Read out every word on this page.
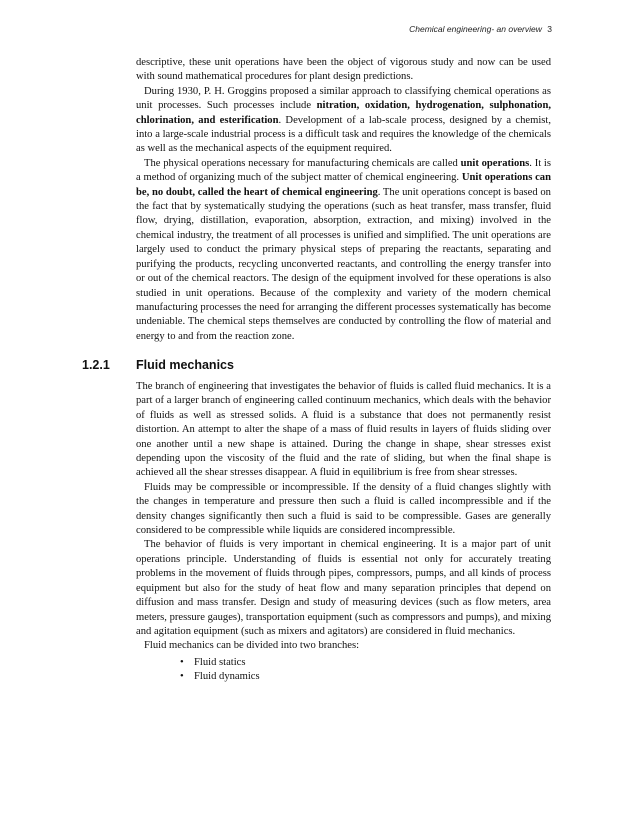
Chemical engineering- an overview 3

descriptive, these unit operations have been the object of vigorous study and now can be used with sound mathematical procedures for plant design predictions.

During 1930, P. H. Groggins proposed a similar approach to classifying chemical operations as unit processes. Such processes include nitration, oxidation, hydrogenation, sulphonation, chlorination, and esterification. Development of a lab-scale process, designed by a chemist, into a large-scale industrial process is a difficult task and requires the knowledge of the chemicals as well as the mechanical aspects of the equipment required.

The physical operations necessary for manufacturing chemicals are called unit operations. It is a method of organizing much of the subject matter of chemical engineering. Unit operations can be, no doubt, called the heart of chemical engineering. The unit operations concept is based on the fact that by systematically studying the operations (such as heat transfer, mass transfer, fluid flow, drying, distillation, evaporation, absorption, extraction, and mixing) involved in the chemical industry, the treatment of all processes is unified and simplified. The unit operations are largely used to conduct the primary physical steps of preparing the reactants, separating and purifying the products, recycling unconverted reactants, and controlling the energy transfer into or out of the chemical reactors. The design of the equipment involved for these operations is also studied in unit operations. Because of the complexity and variety of the modern chemical manufacturing processes the need for arranging the different processes systematically has become undeniable. The chemical steps themselves are conducted by controlling the flow of material and energy to and from the reaction zone.

1.2.1 Fluid mechanics

The branch of engineering that investigates the behavior of fluids is called fluid mechanics. It is a part of a larger branch of engineering called continuum mechanics, which deals with the behavior of fluids as well as stressed solids. A fluid is a substance that does not permanently resist distortion. An attempt to alter the shape of a mass of fluid results in layers of fluids sliding over one another until a new shape is attained. During the change in shape, shear stresses exist depending upon the viscosity of the fluid and the rate of sliding, but when the final shape is achieved all the shear stresses disappear. A fluid in equilibrium is free from shear stresses.

Fluids may be compressible or incompressible. If the density of a fluid changes slightly with the changes in temperature and pressure then such a fluid is called incompressible and if the density changes significantly then such a fluid is said to be compressible. Gases are generally considered to be compressible while liquids are considered incompressible.

The behavior of fluids is very important in chemical engineering. It is a major part of unit operations principle. Understanding of fluids is essential not only for accurately treating problems in the movement of fluids through pipes, compressors, pumps, and all kinds of process equipment but also for the study of heat flow and many separation principles that depend on diffusion and mass transfer. Design and study of measuring devices (such as flow meters, area meters, pressure gauges), transportation equipment (such as compressors and pumps), and mixing and agitation equipment (such as mixers and agitators) are considered in fluid mechanics.

Fluid mechanics can be divided into two branches:

• Fluid statics
• Fluid dynamics
